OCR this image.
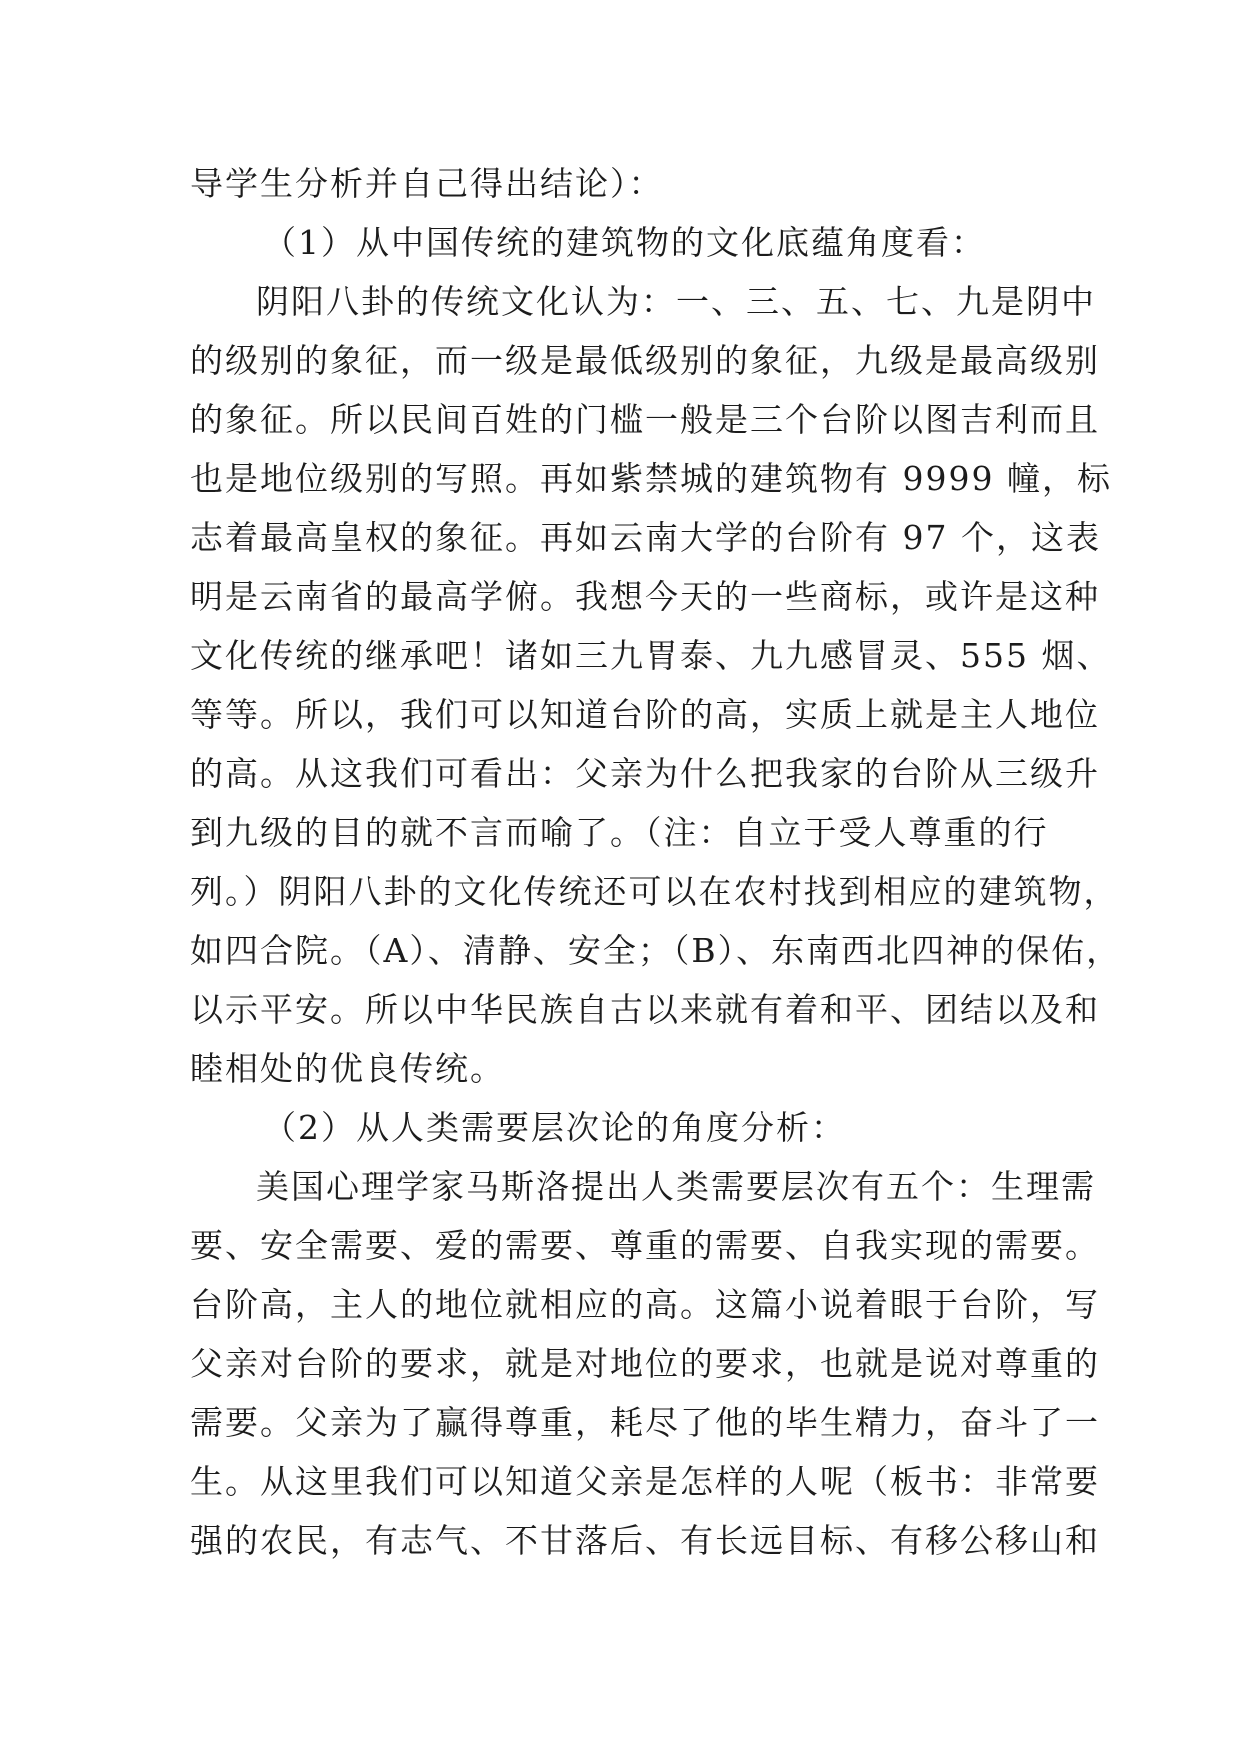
导学生分析并自己得出结论）：
（1）从中国传统的建筑物的文化底蕴角度看：
阴阳八卦的传统文化认为：一、三、五、七、九是阴中
的级别的象征，而一级是最低级别的象征，九级是最高级别
的象征。所以民间百姓的门槛一般是三个台阶以图吉利而且
也是地位级别的写照。再如紫禁城的建筑物有 9999 幢，标
志着最高皇权的象征。再如云南大学的台阶有 97 个，这表
明是云南省的最高学俯。我想今天的一些商标，或许是这种
文化传统的继承吧！诸如三九胃泰、九九感冒灵、555 烟、
等等。所以，我们可以知道台阶的高，实质上就是主人地位
的高。从这我们可看出：父亲为什么把我家的台阶从三级升
到九级的目的就不言而喻了。（注：自立于受人尊重的行
列。）阴阳八卦的文化传统还可以在农村找到相应的建筑物，
如四合院。（A）、清静、安全；（B）、东南西北四神的保佑，
以示平安。所以中华民族自古以来就有着和平、团结以及和
睦相处的优良传统。
（2）从人类需要层次论的角度分析：
美国心理学家马斯洛提出人类需要层次有五个：生理需
要、安全需要、爱的需要、尊重的需要、自我实现的需要。
台阶高，主人的地位就相应的高。这篇小说着眼于台阶，写
父亲对台阶的要求，就是对地位的要求，也就是说对尊重的
需要。父亲为了赢得尊重，耗尽了他的毕生精力，奋斗了一
生。从这里我们可以知道父亲是怎样的人呢（板书：非常要
强的农民，有志气、不甘落后、有长远目标、有移公移山和
